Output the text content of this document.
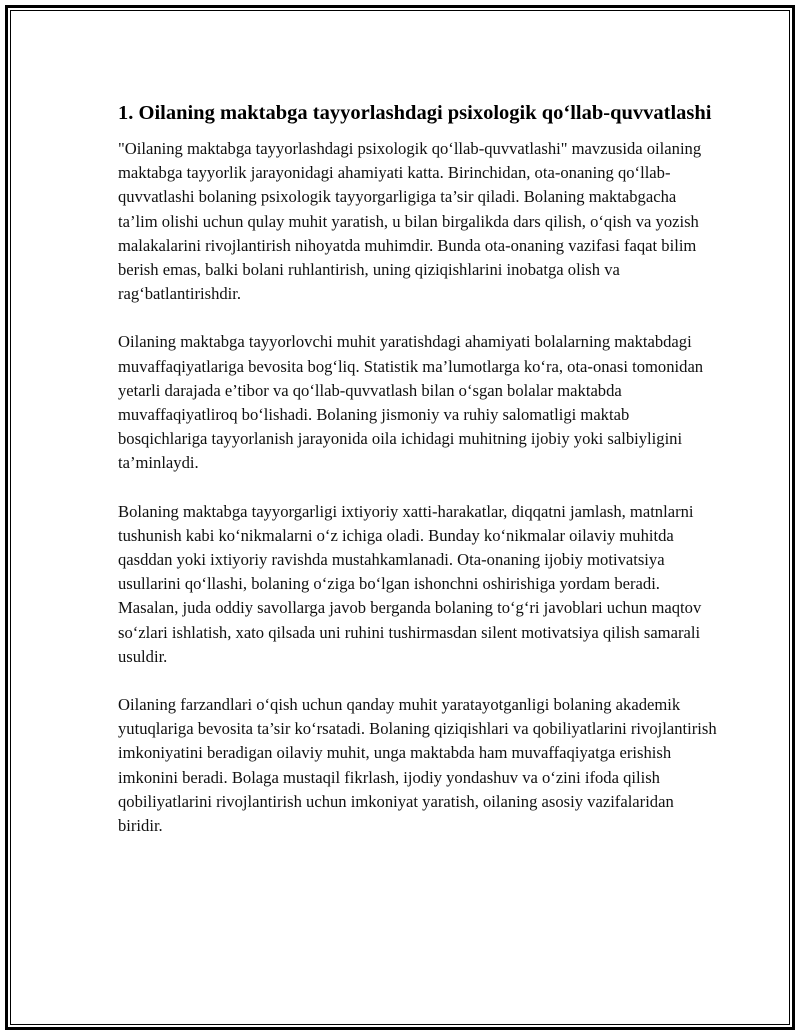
1. Oilaning maktabga tayyorlashdagi psixologik qo‘llab-quvvatlashi

"Oilaning maktabga tayyorlashdagi psixologik qo‘llab-quvvatlashi" mavzusida oilaning maktabga tayyorlik jarayonidagi ahamiyati katta. Birinchidan, ota-onaning qo‘llab-quvvatlashi bolaning psixologik tayyorgarligiga ta’sir qiladi. Bolaning maktabgacha ta’lim olishi uchun qulay muhit yaratish, u bilan birgalikda dars qilish, o‘qish va yozish malakalarini rivojlantirish nihoyatda muhimdir. Bunda ota-onaning vazifasi faqat bilim berish emas, balki bolani ruhlantirish, uning qiziqishlarini inobatga olish va rag‘batlantirishdir.

Oilaning maktabga tayyorlovchi muhit yaratishdagi ahamiyati bolalarning maktabdagi muvaffaqiyatlariga bevosita bog‘liq. Statistik ma’lumotlarga ko‘ra, ota-onasi tomonidan yetarli darajada e’tibor va qo‘llab-quvvatlash bilan o‘sgan bolalar maktabda muvaffaqiyatliroq bo‘lishadi. Bolaning jismoniy va ruhiy salomatligi maktab bosqichlariga tayyorlanish jarayonida oila ichidagi muhitning ijobiy yoki salbiyligini ta’minlaydi.

Bolaning maktabga tayyorgarligi ixtiyoriy xatti-harakatlar, diqqatni jamlash, matnlarni tushunish kabi ko‘nikmalarni o‘z ichiga oladi. Bunday ko‘nikmalar oilaviy muhitda qasddan yoki ixtiyoriy ravishda mustahkamlanadi. Ota-onaning ijobiy motivatsiya usullarini qo‘llashi, bolaning o‘ziga bo‘lgan ishonchni oshirishiga yordam beradi. Masalan, juda oddiy savollarga javob berganda bolaning to‘g‘ri javoblari uchun maqtov so‘zlari ishlatish, xato qilsada uni ruhini tushirmasdan silent motivatsiya qilish samarali usuldir.

Oilaning farzandlari o‘qish uchun qanday muhit yaratayotganligi bolaning akademik yutuqlariga bevosita ta’sir ko‘rsatadi. Bolaning qiziqishlari va qobiliyatlarini rivojlantirish imkoniyatini beradigan oilaviy muhit, unga maktabda ham muvaffaqiyatga erishish imkonini beradi. Bolaga mustaqil fikrlash, ijodiy yondashuv va o‘zini ifoda qilish qobiliyatlarini rivojlantirish uchun imkoniyat yaratish, oilaning asosiy vazifalaridan biridir.
